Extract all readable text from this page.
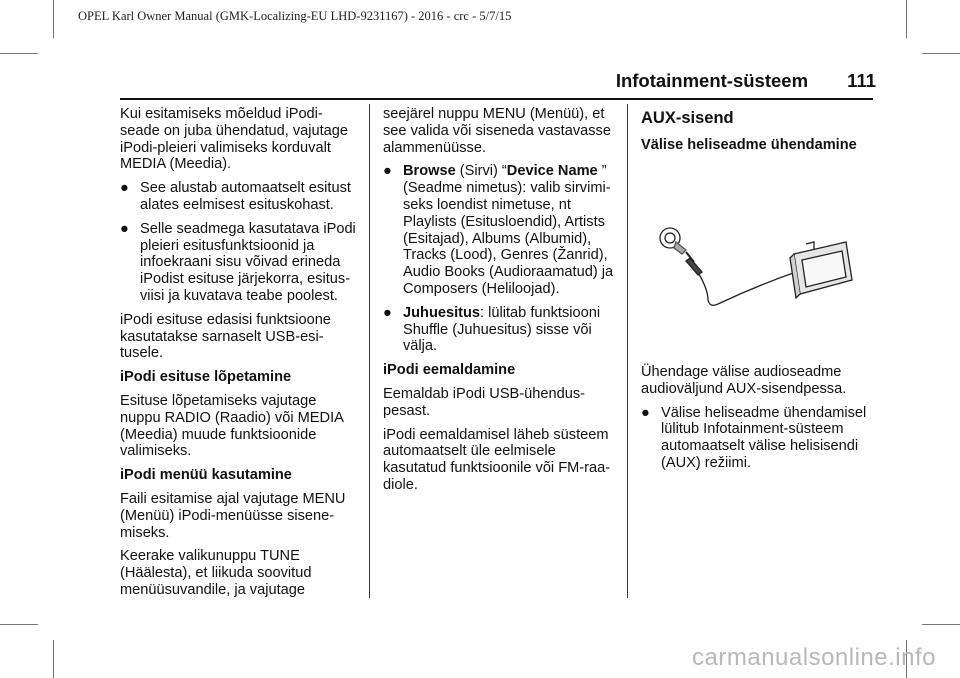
OPEL Karl Owner Manual (GMK-Localizing-EU LHD-9231167) - 2016 - crc - 5/7/15
Infotainment-süsteem 111

Kui esitamiseks mõeldud iPodi-seade on juba ühendatud, vajutage iPodi-pleieri valimiseks korduvalt MEDIA (Meedia).

● See alustab automaatselt esitust alates eelmisest esituskohast.
● Selle seadmega kasutatava iPodi pleieri esitusfunktsioonid ja infoekraani sisu võivad erineda iPodist esituse järjekorra, esitus-viisi ja kuvatava teabe poolest.

iPodi esituse edasisi funktsioone kasutatakse sarnaselt USB-esi-tusele.

iPodi esituse lõpetamine

Esituse lõpetamiseks vajutage nuppu RADIO (Raadio) või MEDIA (Meedia) muude funktsioonide valimiseks.

iPodi menüü kasutamine

Faili esitamise ajal vajutage MENU (Menüü) iPodi-menüüsse sisene-miseks.

Keerake valikunuppu TUNE (Häälesta), et liikuda soovitud menüüsuvandile, ja vajutage

seejärel nuppu MENU (Menüü), et see valida või siseneda vastavasse alammenüüsse.

● Browse (Sirvi) “Device Name ” (Seadme nimetus): valib sirvimi-seks loendist nimetuse, nt Playlists (Esitusloendid), Artists (Esitajad), Albums (Albumid), Tracks (Lood), Genres (Žanrid), Audio Books (Audioraamatud) ja Composers (Heliloojad).
● Juhuesitus: lülitab funktsiooni Shuffle (Juhuesitus) sisse või välja.

iPodi eemaldamine

Eemaldab iPodi USB-ühendus-pesast.

iPodi eemaldamisel läheb süsteem automaatselt üle eelmisele kasutatud funktsioonile või FM-raa-diole.

AUX-sisend

Välise heliseadme ühendamine

Ühendage välise audioseadme audioväljund AUX-sisendpessa.

● Välise heliseadme ühendamisel lülitub Infotainment-süsteem automaatselt välise helisisendi (AUX) režiimi.
carmanualsonline.info
